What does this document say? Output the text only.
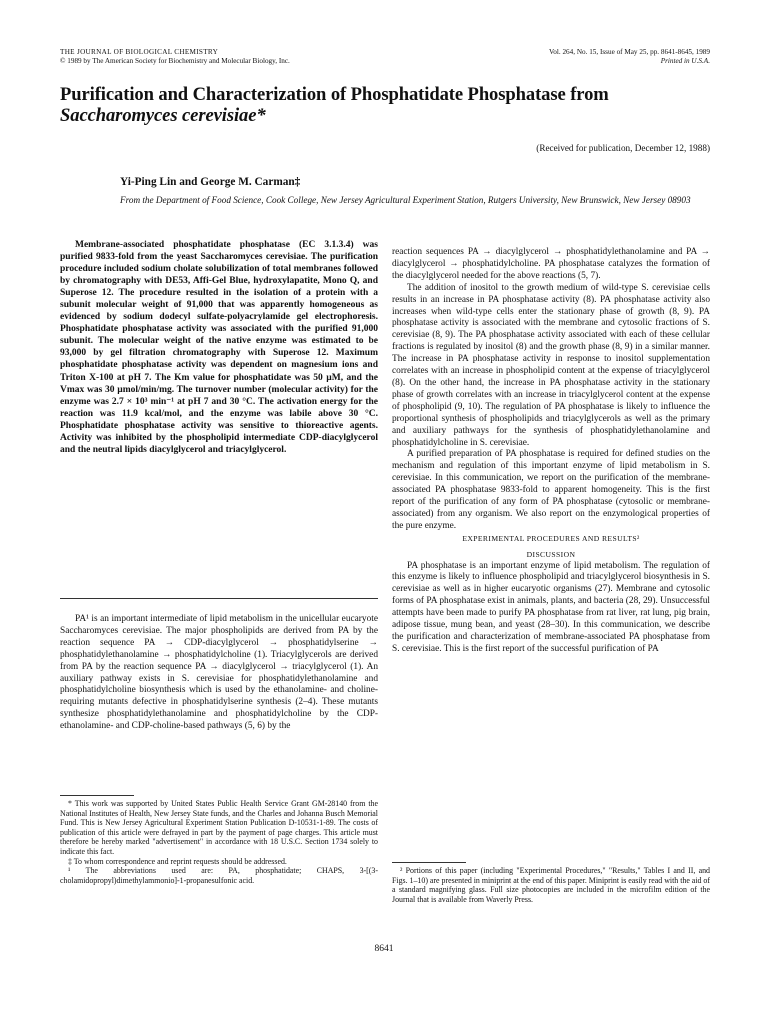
THE JOURNAL OF BIOLOGICAL CHEMISTRY
© 1989 by The American Society for Biochemistry and Molecular Biology, Inc.
Vol. 264, No. 15, Issue of May 25, pp. 8641-8645, 1989
Printed in U.S.A.
Purification and Characterization of Phosphatidate Phosphatase from
Saccharomyces cerevisiae*
(Received for publication, December 12, 1988)
Yi-Ping Lin and George M. Carman‡
From the Department of Food Science, Cook College, New Jersey Agricultural Experiment Station, Rutgers University, New Brunswick, New Jersey 08903

Membrane-associated phosphatidate phosphatase (EC 3.1.3.4) was purified 9833-fold from the yeast Saccharomyces cerevisiae. The purification procedure included sodium cholate solubilization of total membranes followed by chromatography with DE53, Affi-Gel Blue, hydroxylapatite, Mono Q, and Superose 12. The procedure resulted in the isolation of a protein with a subunit molecular weight of 91,000 that was apparently homogeneous as evidenced by sodium dodecyl sulfate-polyacrylamide gel electrophoresis. Phosphatidate phosphatase activity was associated with the purified 91,000 subunit. The molecular weight of the native enzyme was estimated to be 93,000 by gel filtration chromatography with Superose 12. Maximum phosphatidate phosphatase activity was dependent on magnesium ions and Triton X-100 at pH 7. The Km value for phosphatidate was 50 µM, and the Vmax was 30 µmol/min/mg. The turnover number (molecular activity) for the enzyme was 2.7 × 10³ min⁻¹ at pH 7 and 30 °C. The activation energy for the reaction was 11.9 kcal/mol, and the enzyme was labile above 30 °C. Phosphatidate phosphatase activity was sensitive to thioreactive agents. Activity was inhibited by the phospholipid intermediate CDP-diacylglycerol and the neutral lipids diacylglycerol and triacylglycerol.

PA¹ is an important intermediate of lipid metabolism in the unicellular eucaryote Saccharomyces cerevisiae. The major phospholipids are derived from PA by the reaction sequence PA → CDP-diacylglycerol → phosphatidylserine → phosphatidylethanolamine → phosphatidylcholine (1). Triacylglycerols are derived from PA by the reaction sequence PA → diacylglycerol → triacylglycerol (1). An auxiliary pathway exists in S. cerevisiae for phosphatidylethanolamine and phosphatidylcholine biosynthesis which is used by the ethanolamine- and choline-requiring mutants defective in phosphatidylserine synthesis (2–4). These mutants synthesize phosphatidylethanolamine and phosphatidylcholine by the CDP-ethanolamine- and CDP-choline-based pathways (5, 6) by the

* This work was supported by United States Public Health Service Grant GM-28140 from the National Institutes of Health, New Jersey State funds, and the Charles and Johanna Busch Memorial Fund. This is New Jersey Agricultural Experiment Station Publication D-10531-1-89. The costs of publication of this article were defrayed in part by the payment of page charges. This article must therefore be hereby marked "advertisement" in accordance with 18 U.S.C. Section 1734 solely to indicate this fact.

‡ To whom correspondence and reprint requests should be addressed.

¹ The abbreviations used are: PA, phosphatidate; CHAPS, 3-[(3-cholamidopropyl)dimethylammonio]-1-propanesulfonic acid.

reaction sequences PA → diacylglycerol → phosphatidylethanolamine and PA → diacylglycerol → phosphatidylcholine. PA phosphatase catalyzes the formation of the diacylglycerol needed for the above reactions (5, 7).

The addition of inositol to the growth medium of wild-type S. cerevisiae cells results in an increase in PA phosphatase activity (8). PA phosphatase activity also increases when wild-type cells enter the stationary phase of growth (8, 9). PA phosphatase activity is associated with the membrane and cytosolic fractions of S. cerevisiae (8, 9). The PA phosphatase activity associated with each of these cellular fractions is regulated by inositol (8) and the growth phase (8, 9) in a similar manner. The increase in PA phosphatase activity in response to inositol supplementation correlates with an increase in phospholipid content at the expense of triacylglycerol (8). On the other hand, the increase in PA phosphatase activity in the stationary phase of growth correlates with an increase in triacylglycerol content at the expense of phospholipid (9, 10). The regulation of PA phosphatase is likely to influence the proportional synthesis of phospholipids and triacylglycerols as well as the primary and auxiliary pathways for the synthesis of phosphatidylethanolamine and phosphatidylcholine in S. cerevisiae.

A purified preparation of PA phosphatase is required for defined studies on the mechanism and regulation of this important enzyme of lipid metabolism in S. cerevisiae. In this communication, we report on the purification of the membrane-associated PA phosphatase 9833-fold to apparent homogeneity. This is the first report of the purification of any form of PA phosphatase (cytosolic or membrane-associated) from any organism. We also report on the enzymological properties of the pure enzyme.

EXPERIMENTAL PROCEDURES AND RESULTS²

DISCUSSION

PA phosphatase is an important enzyme of lipid metabolism. The regulation of this enzyme is likely to influence phospholipid and triacylglycerol biosynthesis in S. cerevisiae as well as in higher eucaryotic organisms (27). Membrane and cytosolic forms of PA phosphatase exist in animals, plants, and bacteria (28, 29). Unsuccessful attempts have been made to purify PA phosphatase from rat liver, rat lung, pig brain, adipose tissue, mung bean, and yeast (28–30). In this communication, we describe the purification and characterization of membrane-associated PA phosphatase from S. cerevisiae. This is the first report of the successful purification of PA

² Portions of this paper (including "Experimental Procedures," "Results," Tables I and II, and Figs. 1–10) are presented in miniprint at the end of this paper. Miniprint is easily read with the aid of a standard magnifying glass. Full size photocopies are included in the microfilm edition of the Journal that is available from Waverly Press.

8641
